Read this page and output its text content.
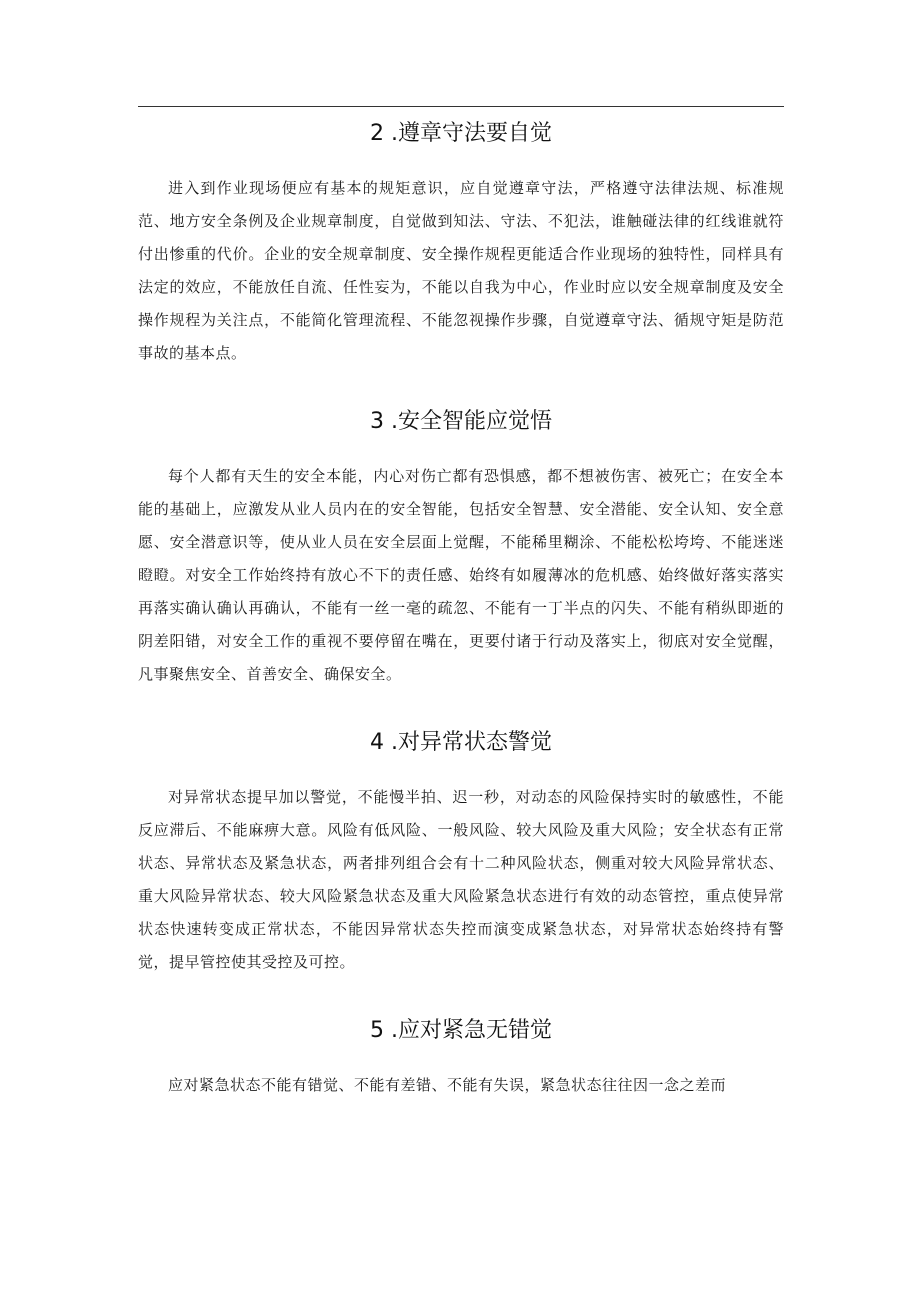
2 .遵章守法要自觉

进入到作业现场便应有基本的规矩意识，应自觉遵章守法，严格遵守法律法规、标准规范、地方安全条例及企业规章制度，自觉做到知法、守法、不犯法，谁触碰法律的红线谁就符付出惨重的代价。企业的安全规章制度、安全操作规程更能适合作业现场的独特性，同样具有法定的效应，不能放任自流、任性妄为，不能以自我为中心，作业时应以安全规章制度及安全操作规程为关注点，不能简化管理流程、不能忽视操作步骤，自觉遵章守法、循规守矩是防范事故的基本点。

3 .安全智能应觉悟

每个人都有天生的安全本能，内心对伤亡都有恐惧感，都不想被伤害、被死亡；在安全本能的基础上，应激发从业人员内在的安全智能，包括安全智慧、安全潜能、安全认知、安全意愿、安全潜意识等，使从业人员在安全层面上觉醒，不能稀里糊涂、不能松松垮垮、不能迷迷瞪瞪。对安全工作始终持有放心不下的责任感、始终有如履薄冰的危机感、始终做好落实落实再落实确认确认再确认，不能有一丝一毫的疏忽、不能有一丁半点的闪失、不能有稍纵即逝的阴差阳错，对安全工作的重视不要停留在嘴在，更要付诸于行动及落实上，彻底对安全觉醒，凡事聚焦安全、首善安全、确保安全。

4 .对异常状态警觉

对异常状态提早加以警觉，不能慢半拍、迟一秒，对动态的风险保持实时的敏感性，不能反应滞后、不能麻痹大意。风险有低风险、一般风险、较大风险及重大风险；安全状态有正常状态、异常状态及紧急状态，两者排列组合会有十二种风险状态，侧重对较大风险异常状态、重大风险异常状态、较大风险紧急状态及重大风险紧急状态进行有效的动态管控，重点使异常状态快速转变成正常状态，不能因异常状态失控而演变成紧急状态，对异常状态始终持有警觉，提早管控使其受控及可控。

5 .应对紧急无错觉

应对紧急状态不能有错觉、不能有差错、不能有失误，紧急状态往往因一念之差而
